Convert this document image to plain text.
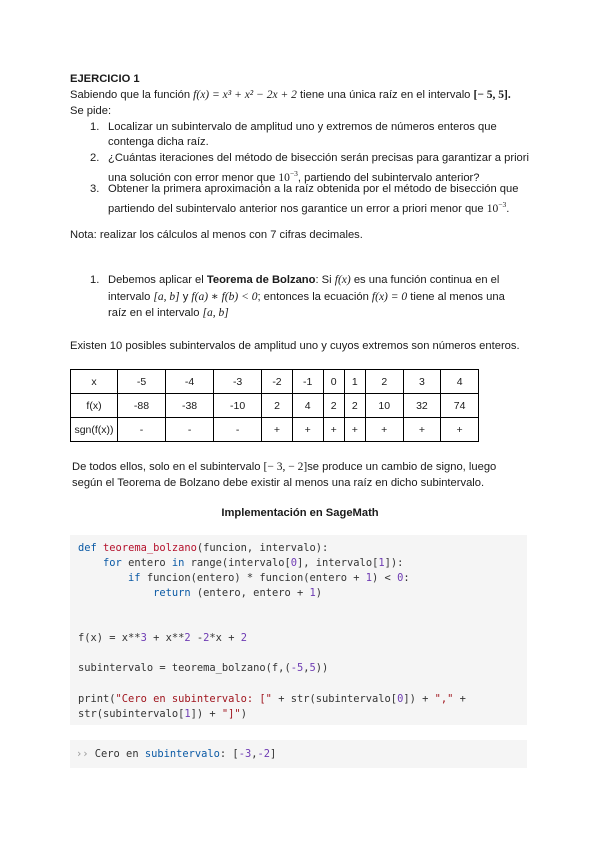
EJERCICIO 1
Sabiendo que la función f(x) = x³ + x² − 2x + 2 tiene una única raíz en el intervalo [− 5, 5].
Se pide:
1. Localizar un subintervalo de amplitud uno y extremos de números enteros que
contenga dicha raíz.
2. ¿Cuántas iteraciones del método de bisección serán precisas para garantizar a priori
una solución con error menor que $10^{-3}$, partiendo del subintervalo anterior?
3. Obtener la primera aproximación a la raíz obtenida por el método de bisección que
partiendo del subintervalo anterior nos garantice un error a priori menor que $10^{-3}$.
Nota: realizar los cálculos al menos con 7 cifras decimales.
1. Debemos aplicar el Teorema de Bolzano: Si f(x) es una función continua en el
intervalo [a, b] y f(a) ∗ f(b) < 0; entonces la ecuación f(x) = 0 tiene al menos una
raíz en el intervalo [a, b]
Existen 10 posibles subintervalos de amplitud uno y cuyos extremos son números enteros.
x	-5	-4	-3	-2	-1	0	1	2	3	4
f(x)	-88	-38	-10	2	4	2	2	10	32	74
sgn(f(x))	-	-	-	+	+	+	+	+	+	+
De todos ellos, solo en el subintervalo [− 3, − 2]se produce un cambio de signo, luego
según el Teorema de Bolzano debe existir al menos una raíz en dicho subintervalo.
Implementación en SageMath
def teorema_bolzano(funcion, intervalo):
for entero in range(intervalo[0], intervalo[1]):
if funcion(entero) * funcion(entero + 1) < 0:
return (entero, entero + 1)
f(x) = x**3 + x**2 -2*x + 2
subintervalo = teorema_bolzano(f,(-5,5))
print("Cero en subintervalo: [" + str(subintervalo[0]) + "," +
str(subintervalo[1]) + "]")
›› Cero en subintervalo: [-3,-2]
